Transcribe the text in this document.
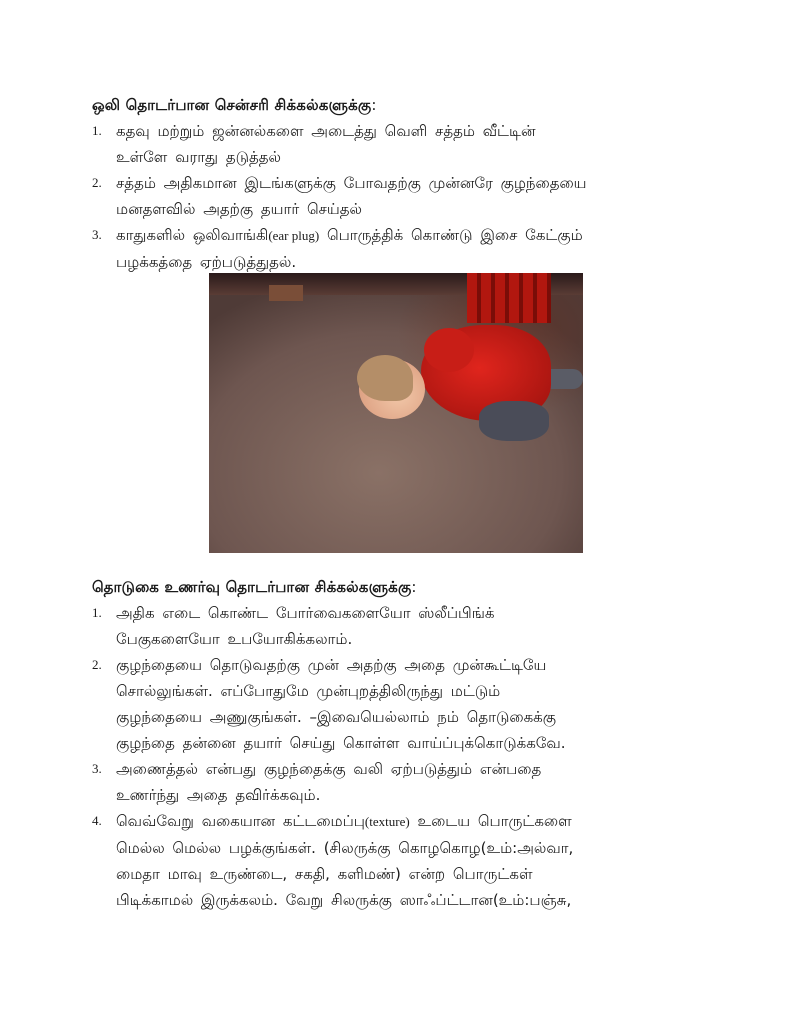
ஒலி தொடர்பான சென்சரி சிக்கல்களுக்கு:
1. கதவு மற்றும் ஜன்னல்களை அடைத்து வெளி சத்தம் வீட்டின்
உள்ளே வராது தடுத்தல்
2. சத்தம் அதிகமான இடங்களுக்கு போவதற்கு முன்னரே குழந்தையை
மனதளவில் அதற்கு தயார் செய்தல்
3. காதுகளில் ஒலிவாங்கி(ear plug) பொருத்திக் கொண்டு இசை கேட்கும்
பழக்கத்தை ஏற்படுத்துதல்.
தொடுகை உணர்வு தொடர்பான சிக்கல்களுக்கு:
1. அதிக எடை கொண்ட போர்வைகளையோ ஸ்லீப்பிங்க்
பேகுகளையோ உபயோகிக்கலாம்.
2. குழந்தையை தொடுவதற்கு முன் அதற்கு அதை முன்கூட்டியே
சொல்லுங்கள். எப்போதுமே முன்புறத்திலிருந்து மட்டும்
குழந்தையை அணுகுங்கள். –இவையெல்லாம் நம் தொடுகைக்கு
குழந்தை தன்னை தயார் செய்து கொள்ள வாய்ப்புக்கொடுக்கவே.
3. அணைத்தல் என்பது குழந்தைக்கு வலி ஏற்படுத்தும் என்பதை
உணர்ந்து அதை தவிர்க்கவும்.
4. வெவ்வேறு வகையான கட்டமைப்பு(texture) உடைய பொருட்களை
மெல்ல மெல்ல பழக்குங்கள். (சிலருக்கு கொழகொழ(உம்:அல்வா,
மைதா மாவு உருண்டை, சகதி, களிமண்) என்ற பொருட்கள்
பிடிக்காமல் இருக்கலம். வேறு சிலருக்கு ஸாஃப்ட்டான(உம்:பஞ்சு,
